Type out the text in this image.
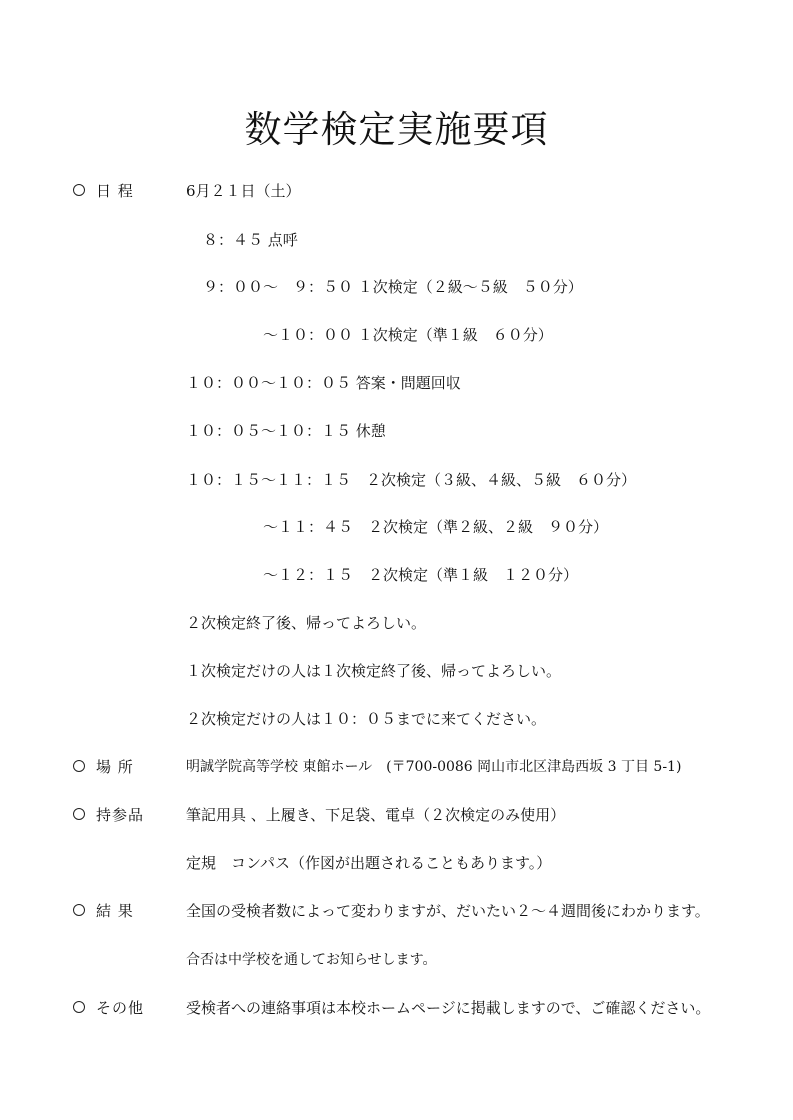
数学検定実施要項
日 程	6月２１日（土）
８：４５ 点呼
９：００～　９：５０ １次検定（２級～５級　５０分）
～１０：００ １次検定（準１級　６０分）
１０：００～１０：０５ 答案・問題回収
１０：０５～１０：１５ 休憩
１０：１５～１１：１５　２次検定（３級、４級、５級　６０分）
～１１：４５　２次検定（準２級、２級　９０分）
～１２：１５　２次検定（準１級　１２０分）
２次検定終了後、帰ってよろしい。
１次検定だけの人は１次検定終了後、帰ってよろしい。
２次検定だけの人は１０：０５までに来てください。
場 所	明誠学院高等学校 東館ホール　(〒700-0086 岡山市北区津島西坂 3 丁目 5-1)
持参品	筆記用具 、上履き、下足袋、電卓（２次検定のみ使用）
定規　コンパス（作図が出題されることもあります。）
結 果	全国の受検者数によって変わりますが、だいたい２～４週間後にわかります。
合否は中学校を通してお知らせします。
その他	受検者への連絡事項は本校ホームページに掲載しますので、ご確認ください。
